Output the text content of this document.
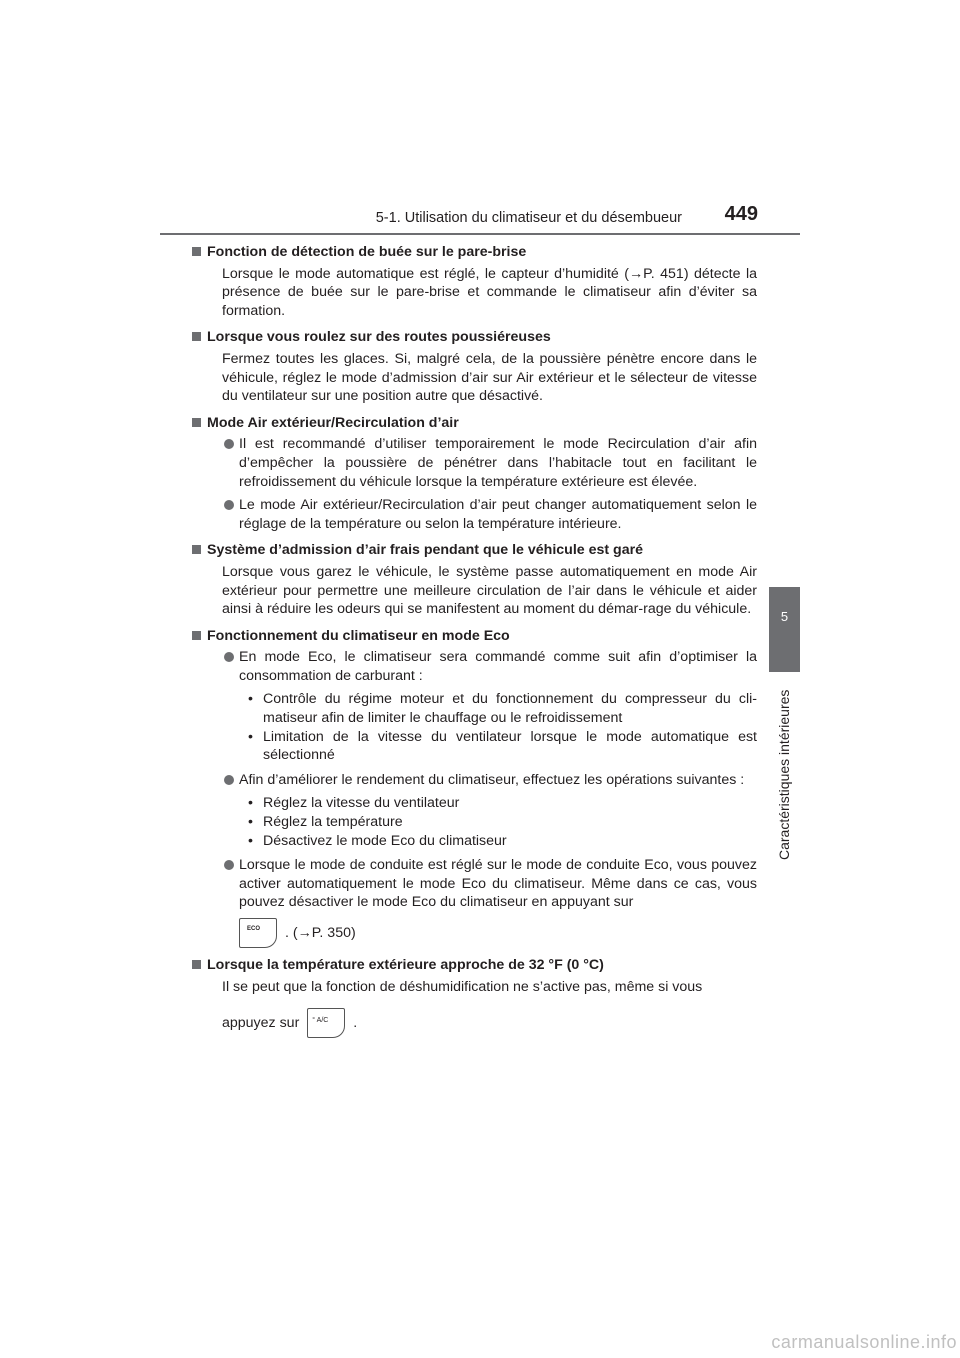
5-1. Utilisation du climatiseur et du désembueur 449
5
Caractéristiques intérieures
Fonction de détection de buée sur le pare-brise
Lorsque le mode automatique est réglé, le capteur d’humidité (→P. 451) détecte la présence de buée sur le pare-brise et commande le climatiseur afin d’éviter sa formation.
Lorsque vous roulez sur des routes poussiéreuses
Fermez toutes les glaces. Si, malgré cela, de la poussière pénètre encore dans le véhicule, réglez le mode d’admission d’air sur Air extérieur et le sélecteur de vitesse du ventilateur sur une position autre que désactivé.
Mode Air extérieur/Recirculation d’air
Il est recommandé d’utiliser temporairement le mode Recirculation d’air afin d’empêcher la poussière de pénétrer dans l’habitacle tout en facilitant le refroidissement du véhicule lorsque la température extérieure est élevée.
Le mode Air extérieur/Recirculation d’air peut changer automatiquement selon le réglage de la température ou selon la température intérieure.
Système d’admission d’air frais pendant que le véhicule est garé
Lorsque vous garez le véhicule, le système passe automatiquement en mode Air extérieur pour permettre une meilleure circulation de l’air dans le véhicule et aider ainsi à réduire les odeurs qui se manifestent au moment du démar-rage du véhicule.
Fonctionnement du climatiseur en mode Eco
En mode Eco, le climatiseur sera commandé comme suit afin d’optimiser la consommation de carburant :
• Contrôle du régime moteur et du fonctionnement du compresseur du cli-matiseur afin de limiter le chauffage ou le refroidissement
• Limitation de la vitesse du ventilateur lorsque le mode automatique est sélectionné
Afin d’améliorer le rendement du climatiseur, effectuez les opérations suivantes :
• Réglez la vitesse du ventilateur
• Réglez la température
• Désactivez le mode Eco du climatiseur
Lorsque le mode de conduite est réglé sur le mode de conduite Eco, vous pouvez activer automatiquement le mode Eco du climatiseur. Même dans ce cas, vous pouvez désactiver le mode Eco du climatiseur en appuyant sur
ECO . (→P. 350)
Lorsque la température extérieure approche de 32 °F (0 °C)
Il se peut que la fonction de déshumidification ne s’active pas, même si vous
appuyez sur ° A/C .
carmanualsonline.info
